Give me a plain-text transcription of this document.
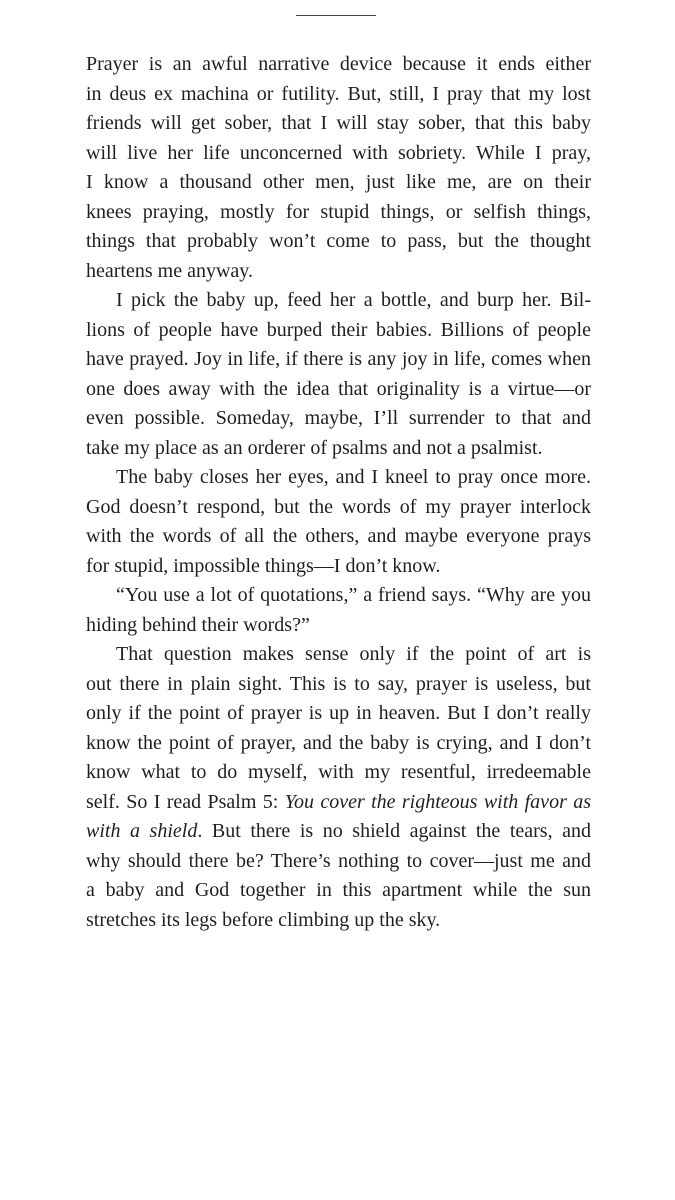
Prayer is an awful narrative device because it ends either
in deus ex machina or futility. But, still, I pray that my lost
friends will get sober, that I will stay sober, that this baby
will live her life unconcerned with sobriety. While I pray,
I know a thousand other men, just like me, are on their
knees praying, mostly for stupid things, or selfish things,
things that probably won’t come to pass, but the thought
heartens me anyway.

I pick the baby up, feed her a bottle, and burp her. Bil-
lions of people have burped their babies. Billions of people
have prayed. Joy in life, if there is any joy in life, comes when
one does away with the idea that originality is a virtue—or
even possible. Someday, maybe, I’ll surrender to that and
take my place as an orderer of psalms and not a psalmist.

The baby closes her eyes, and I kneel to pray once more.
God doesn’t respond, but the words of my prayer interlock
with the words of all the others, and maybe everyone prays
for stupid, impossible things—I don’t know.

“You use a lot of quotations,” a friend says. “Why are you
hiding behind their words?”

That question makes sense only if the point of art is
out there in plain sight. This is to say, prayer is useless, but
only if the point of prayer is up in heaven. But I don’t really
know the point of prayer, and the baby is crying, and I don’t
know what to do myself, with my resentful, irredeemable
self. So I read Psalm 5: You cover the righteous with favor as
with a shield. But there is no shield against the tears, and
why should there be? There’s nothing to cover—just me and
a baby and God together in this apartment while the sun
stretches its legs before climbing up the sky.
